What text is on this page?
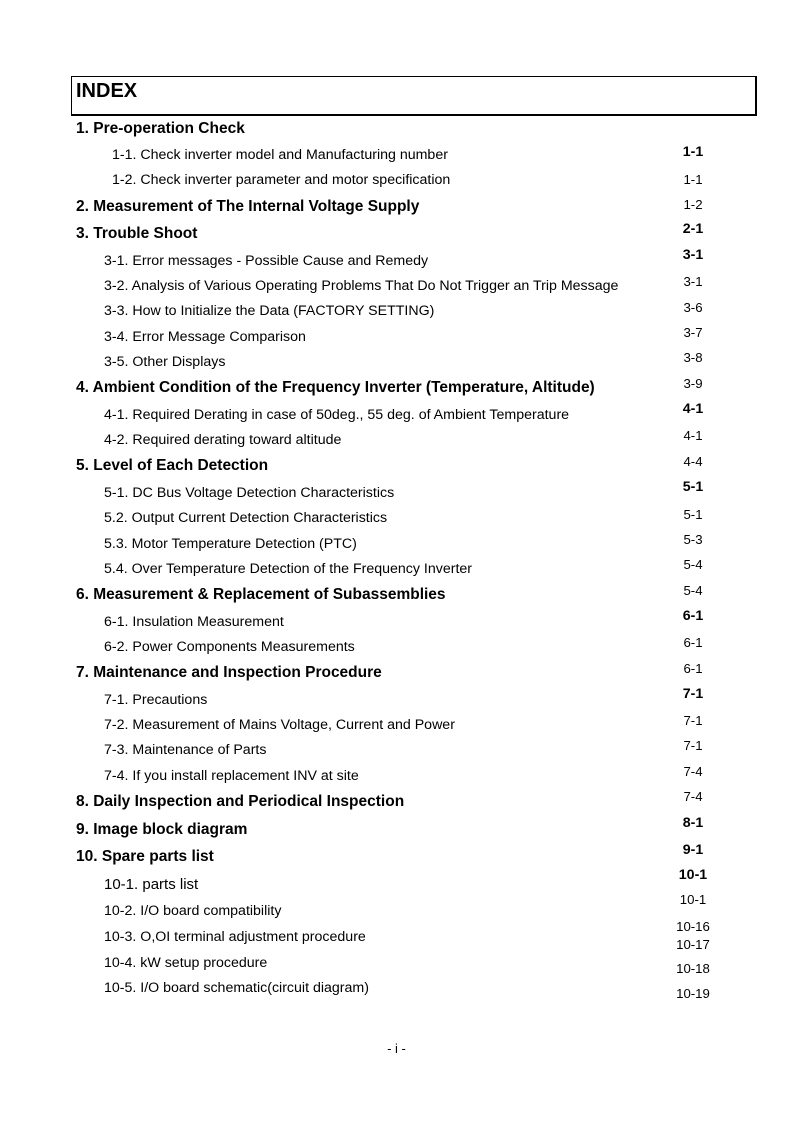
INDEX
1. Pre-operation Check
1-1. Check inverter model and Manufacturing number
1-2. Check inverter parameter and motor specification
2. Measurement of The Internal Voltage Supply
3. Trouble Shoot
3-1. Error messages - Possible Cause and Remedy
3-2. Analysis of Various Operating Problems That Do Not Trigger an Trip Message
3-3. How to Initialize the Data (FACTORY SETTING)
3-4. Error Message Comparison
3-5. Other Displays
4. Ambient Condition of the Frequency Inverter (Temperature, Altitude)
4-1. Required Derating in case of 50deg., 55 deg. of Ambient Temperature
4-2. Required derating toward altitude
5. Level of Each Detection
5-1. DC Bus Voltage Detection Characteristics
5.2. Output Current Detection Characteristics
5.3. Motor Temperature Detection (PTC)
5.4. Over Temperature Detection of the Frequency Inverter
6. Measurement & Replacement of Subassemblies
6-1. Insulation Measurement
6-2. Power Components Measurements
7. Maintenance and Inspection Procedure
7-1. Precautions
7-2. Measurement of Mains Voltage, Current and Power
7-3. Maintenance of Parts
7-4. If you install replacement INV at site
8. Daily Inspection and Periodical Inspection
9. Image block diagram
10. Spare parts list
10-1. parts list
10-2. I/O board compatibility
10-3. O,OI terminal adjustment procedure
10-4. kW setup procedure
10-5. I/O board schematic(circuit diagram)
1-1
1-1
1-2
2-1
3-1
3-1
3-6
3-7
3-8
3-9
4-1
4-1
4-4
5-1
5-1
5-3
5-4
5-4
6-1
6-1
6-1
7-1
7-1
7-1
7-4
7-4
8-1
9-1
10-1
10-1
10-16
10-17
10-18
10-19
- i -
